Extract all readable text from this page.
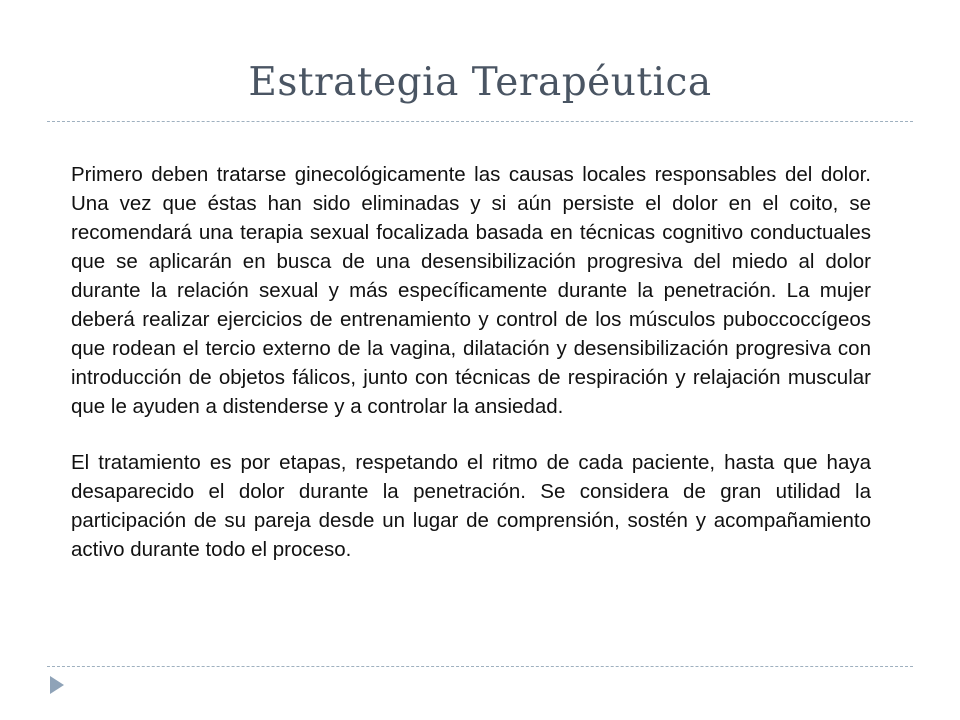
Estrategia Terapéutica

Primero deben tratarse ginecológicamente las causas locales responsables del dolor. Una vez que éstas han sido eliminadas y si aún persiste el dolor en el coito, se recomendará una terapia sexual focalizada basada en técnicas cognitivo conductuales que se aplicarán en busca de una desensibilización progresiva del miedo al dolor durante la relación sexual y más específicamente durante la penetración. La mujer deberá realizar ejercicios de entrenamiento y control de los músculos puboccoccígeos que rodean el tercio externo de la vagina, dilatación y desensibilización progresiva con introducción de objetos fálicos, junto con técnicas de respiración y relajación muscular que le ayuden a distenderse y a controlar la ansiedad.

El tratamiento es por etapas, respetando el ritmo de cada paciente, hasta que haya desaparecido el dolor durante la penetración. Se considera de gran utilidad la participación de su pareja desde un lugar de comprensión, sostén y acompañamiento activo durante todo el proceso.
